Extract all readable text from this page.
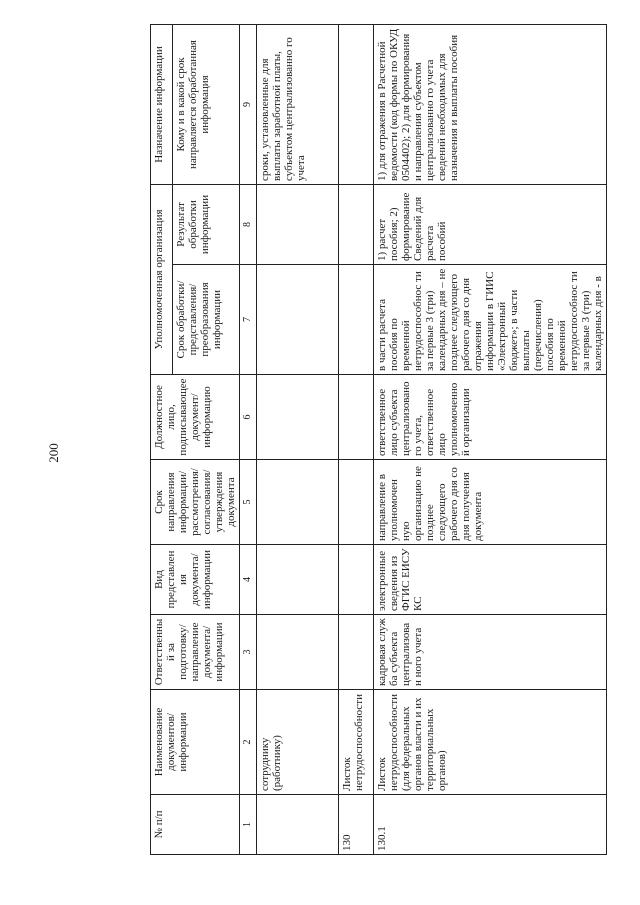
200
№ п/п	Наименование документов/ информации	Ответственный за подготовку/ направление документа/ информации	Вид представления документа/ информации	Срок направления информации/ рассмотрения/ согласования/ утверждения документа	Должностное лицо, подписывающее документ/ информацию	Уполномоченная организация		Назначение информации
						Срок обработки/ представления/ преобразования информации	Результат обработки информации	Кому и в какой срок направляется обработанная информация
1	2	3	4	5	6	7	8	9
	сотруднику (работнику)							сроки, установленные для выплаты заработной платы, субъектом централизованно го учета
130	Листок нетрудоспособности							
130.1	Листок нетрудоспособности (для федеральных органов власти и их территориальных органов)	кадровая служ ба субъекта централизован ного учета	электронные сведения из ФГИС ЕИСУ КС	направление в уполномочен ную организацию не позднее следующего рабочего дня со дня получения документа	ответственное лицо субъекта централизовано го учета, ответственное лицо уполномоченной организации	в части расчета пособия по временной нетрудоспособнос ти за первые 3 (три) календарных дня – не позднее следующего рабочего дня со дня отражения информации в ГИИС «Электронный бюджет»; в части выплаты (перечисления) пособия по временной нетрудоспособнос ти за первые 3 (три) календарных дня - в	1) расчет пособия; 2) формирование Сведений для расчета пособий	1) для отражения в Расчетной ведомости (код формы по ОКУД 0504402); 2) для формирования и направления субъектом централизованно го учета сведений необходимых для назначения и выплаты пособия
